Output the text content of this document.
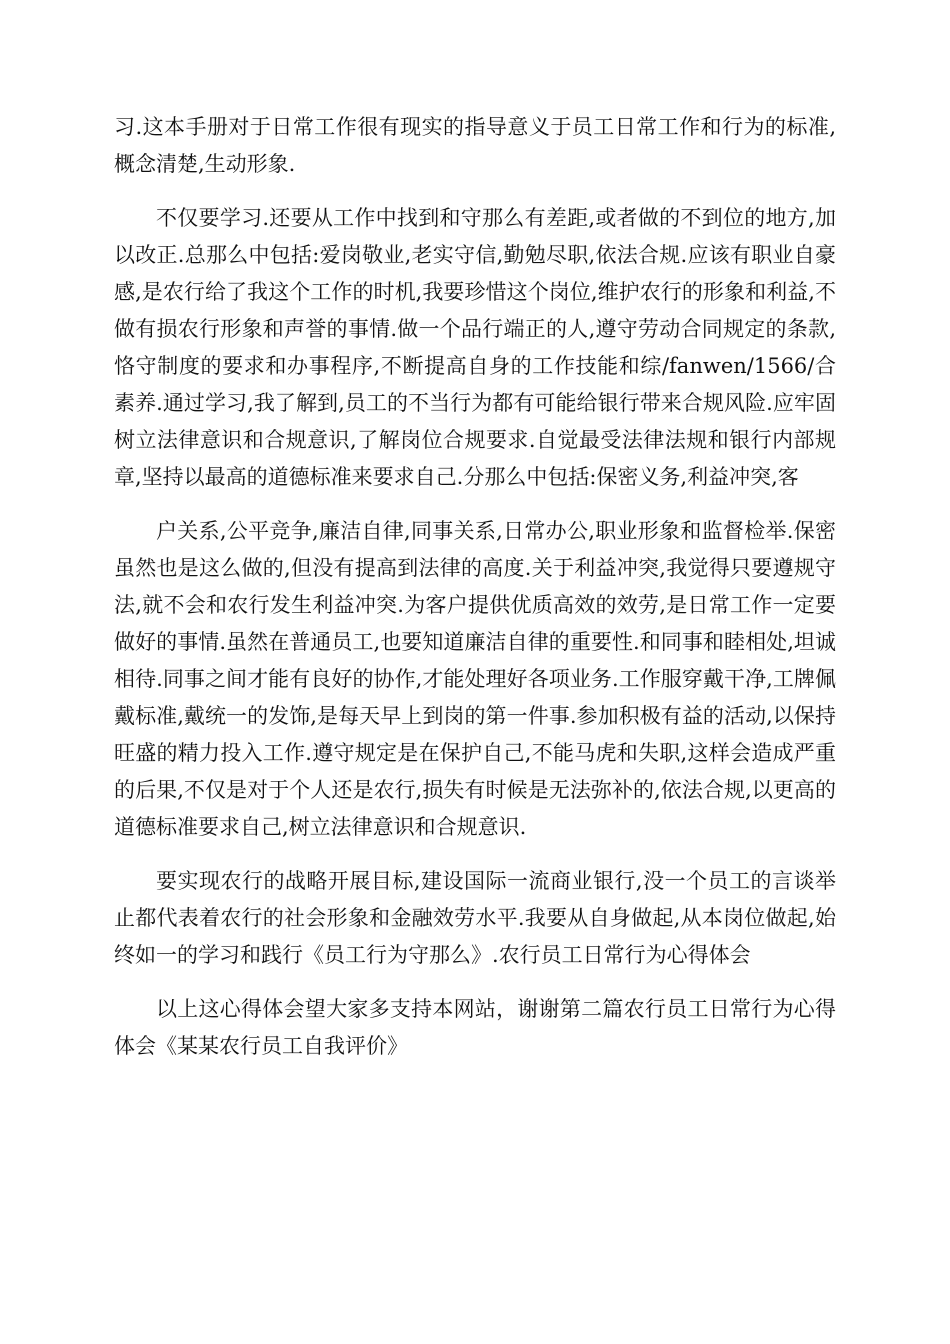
习.这本手册对于日常工作很有现实的指导意义于员工日常工作和行为的标准,概念清楚,生动形象.

不仅要学习.还要从工作中找到和守那么有差距,或者做的不到位的地方,加以改正.总那么中包括:爱岗敬业,老实守信,勤勉尽职,依法合规.应该有职业自豪感,是农行给了我这个工作的时机,我要珍惜这个岗位,维护农行的形象和利益,不做有损农行形象和声誉的事情.做一个品行端正的人,遵守劳动合同规定的条款,恪守制度的要求和办事程序,不断提高自身的工作技能和综/fanwen/1566/合素养.通过学习,我了解到,员工的不当行为都有可能给银行带来合规风险.应牢固树立法律意识和合规意识,了解岗位合规要求.自觉最受法律法规和银行内部规章,坚持以最高的道德标准来要求自己.分那么中包括:保密义务,利益冲突,客

户关系,公平竞争,廉洁自律,同事关系,日常办公,职业形象和监督检举.保密虽然也是这么做的,但没有提高到法律的高度.关于利益冲突,我觉得只要遵规守法,就不会和农行发生利益冲突.为客户提供优质高效的效劳,是日常工作一定要做好的事情.虽然在普通员工,也要知道廉洁自律的重要性.和同事和睦相处,坦诚相待.同事之间才能有良好的协作,才能处理好各项业务.工作服穿戴干净,工牌佩戴标准,戴统一的发饰,是每天早上到岗的第一件事.参加积极有益的活动,以保持旺盛的精力投入工作.遵守规定是在保护自己,不能马虎和失职,这样会造成严重的后果,不仅是对于个人还是农行,损失有时候是无法弥补的,依法合规,以更高的道德标准要求自己,树立法律意识和合规意识.

要实现农行的战略开展目标,建设国际一流商业银行,没一个员工的言谈举止都代表着农行的社会形象和金融效劳水平.我要从自身做起,从本岗位做起,始终如一的学习和践行《员工行为守那么》.农行员工日常行为心得体会

以上这心得体会望大家多支持本网站，谢谢第二篇农行员工日常行为心得体会《某某农行员工自我评价》
